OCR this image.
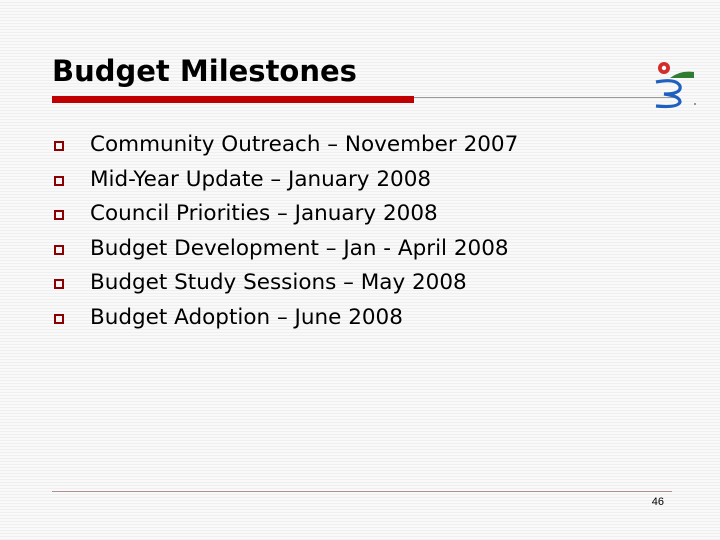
Budget Milestones
Community Outreach – November 2007
Mid-Year Update – January 2008
Council Priorities – January 2008
Budget Development – Jan - April 2008
Budget Study Sessions – May 2008
Budget Adoption – June 2008
46
